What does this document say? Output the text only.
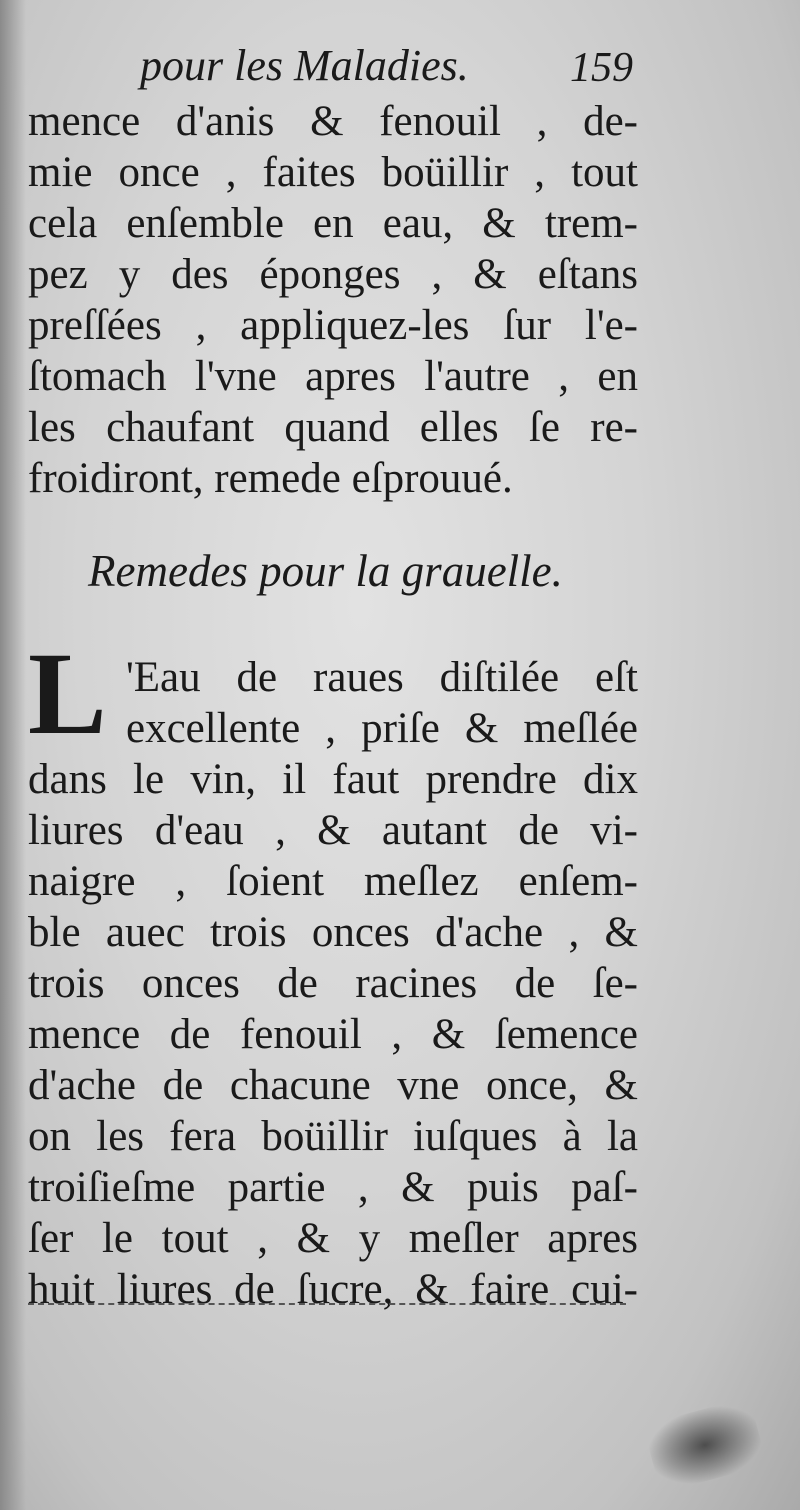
pour les Maladies. 159
mence d'anis & fenouil , de-
mie once , faites boüillir , tout
cela enſemble en eau, & trem-
pez y des éponges , & eſtans
preſſées , appliquez-les ſur l'e-
ſtomach l'vne apres l'autre , en
les chaufant quand elles ſe re-
froidiront, remede eſprouué.
Remedes pour la grauelle.
L 'Eau de raues diſtilée eſt
excellente , priſe & meſlée
dans le vin, il faut prendre dix
liures d'eau , & autant de vi-
naigre , ſoient meſlez enſem-
ble auec trois onces d'ache , &
trois onces de racines de ſe-
mence de fenouil , & ſemence
d'ache de chacune vne once, &
on les fera boüillir iuſques à la
troiſieſme partie , & puis paſ-
ſer le tout , & y meſler apres
huit liures de ſucre, & faire cui-
